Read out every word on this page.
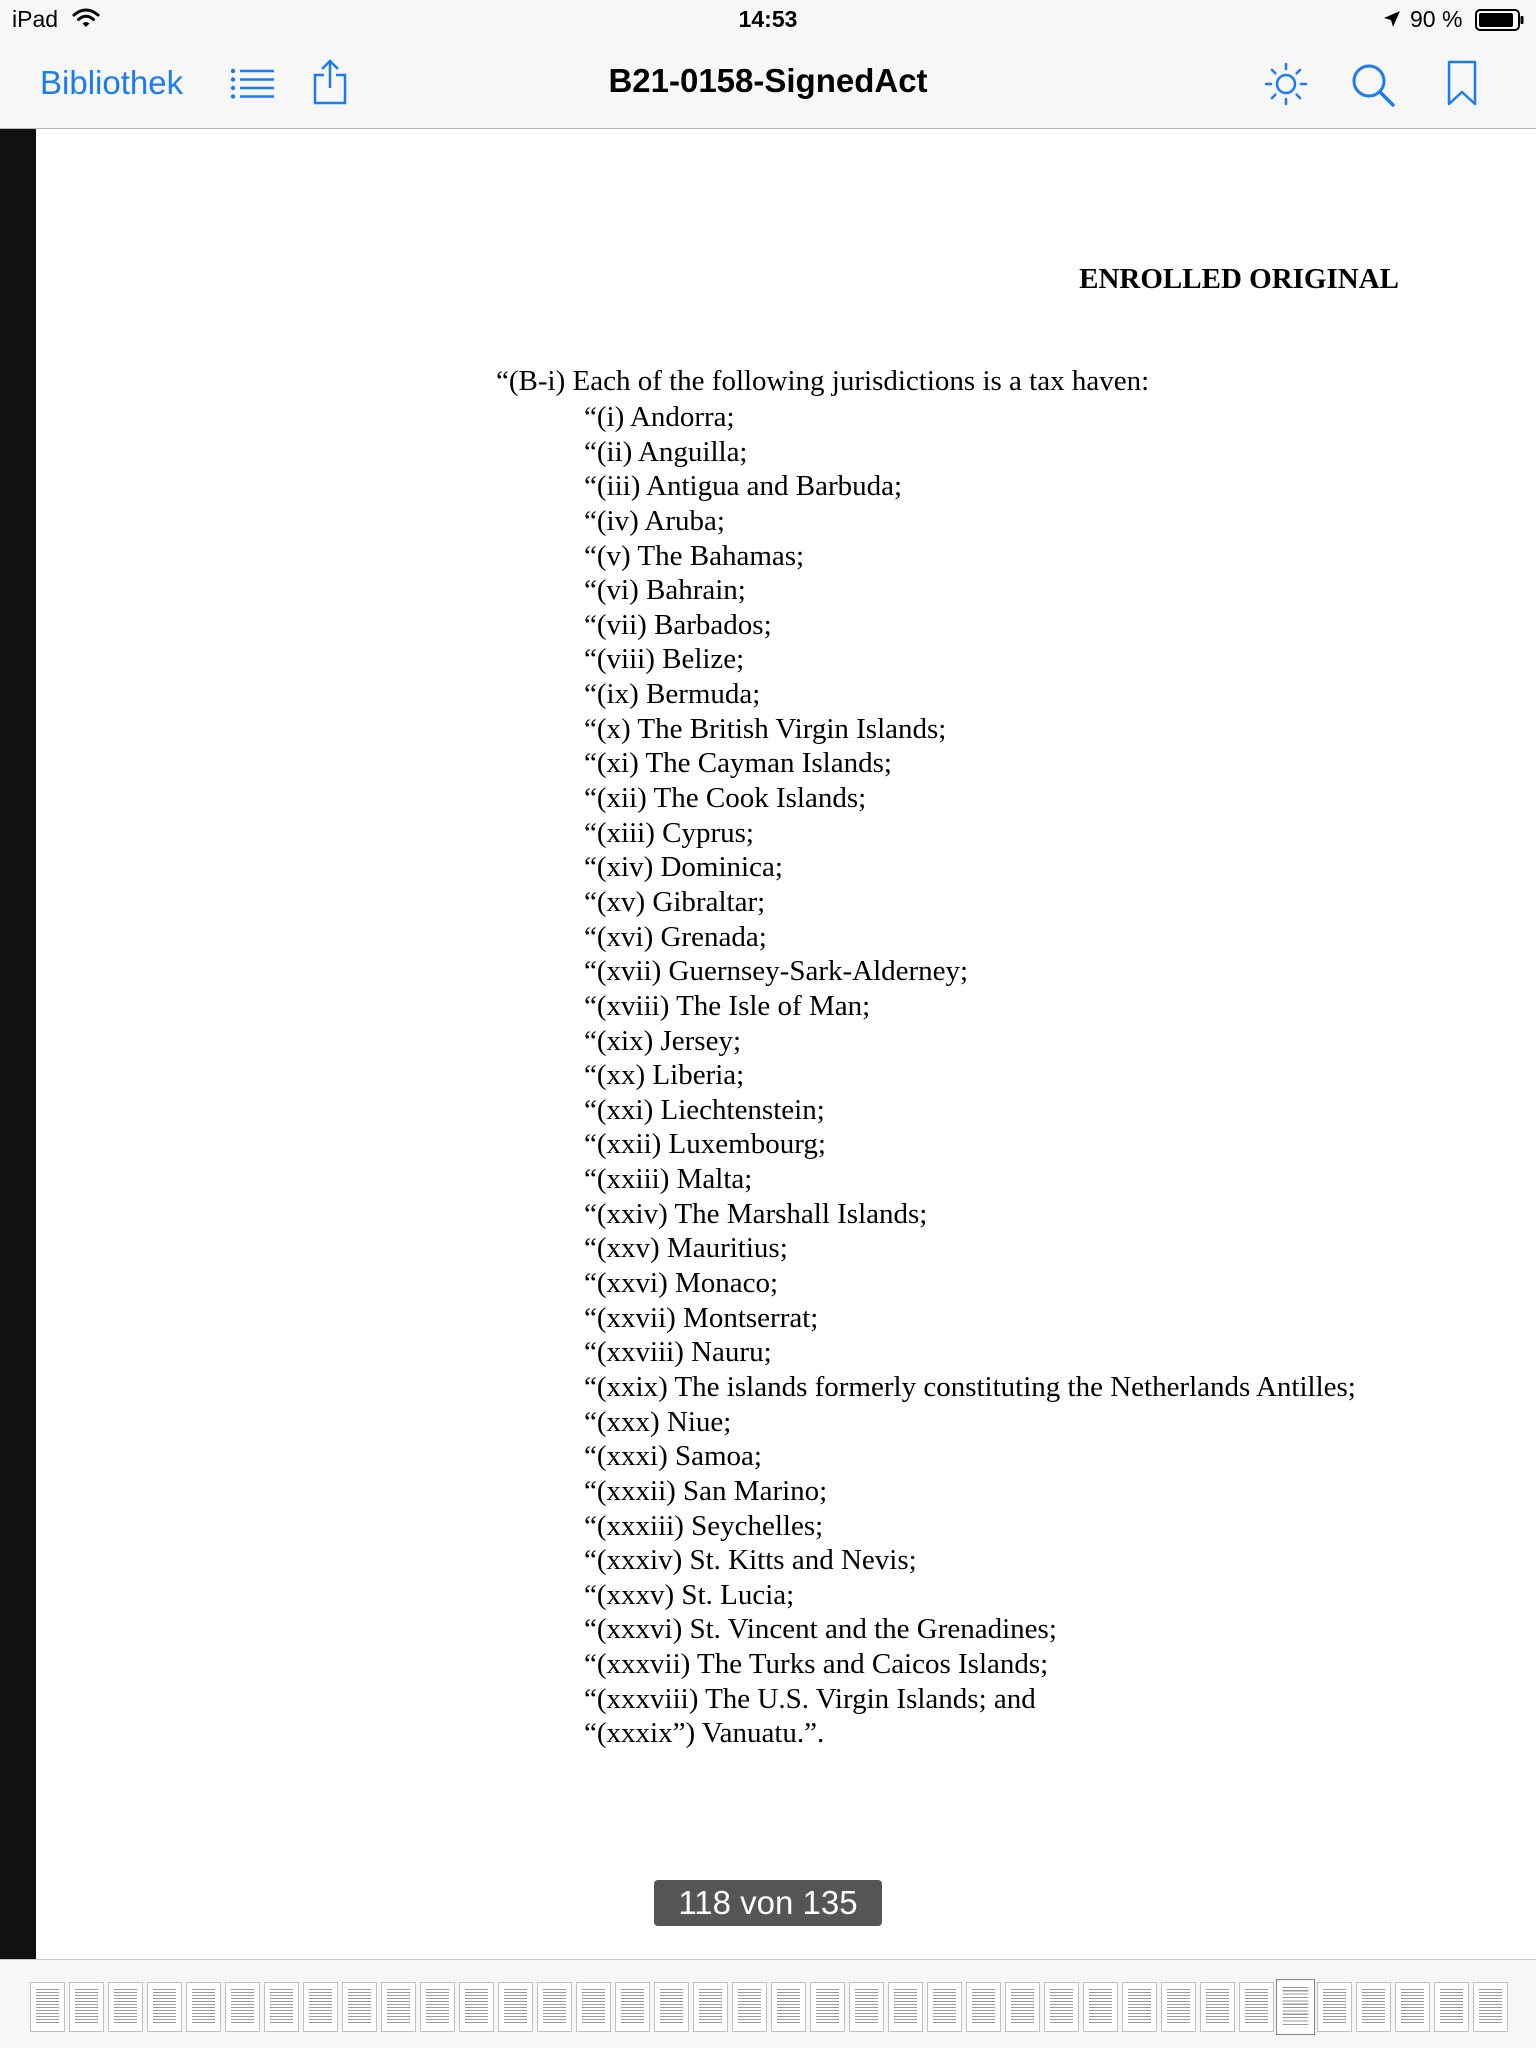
iPad	14:53	90 %
Bibliothek	B21-0158-SignedAct
ENROLLED ORIGINAL
“(B-i) Each of the following jurisdictions is a tax haven:
“(i) Andorra;
“(ii) Anguilla;
“(iii) Antigua and Barbuda;
“(iv) Aruba;
“(v) The Bahamas;
“(vi) Bahrain;
“(vii) Barbados;
“(viii) Belize;
“(ix) Bermuda;
“(x) The British Virgin Islands;
“(xi) The Cayman Islands;
“(xii) The Cook Islands;
“(xiii) Cyprus;
“(xiv) Dominica;
“(xv) Gibraltar;
“(xvi) Grenada;
“(xvii) Guernsey-Sark-Alderney;
“(xviii) The Isle of Man;
“(xix) Jersey;
“(xx) Liberia;
“(xxi) Liechtenstein;
“(xxii) Luxembourg;
“(xxiii) Malta;
“(xxiv) The Marshall Islands;
“(xxv) Mauritius;
“(xxvi) Monaco;
“(xxvii) Montserrat;
“(xxviii) Nauru;
“(xxix) The islands formerly constituting the Netherlands Antilles;
“(xxx) Niue;
“(xxxi) Samoa;
“(xxxii) San Marino;
“(xxxiii) Seychelles;
“(xxxiv) St. Kitts and Nevis;
“(xxxv) St. Lucia;
“(xxxvi) St. Vincent and the Grenadines;
“(xxxvii) The Turks and Caicos Islands;
“(xxxviii) The U.S. Virgin Islands; and
“(xxxix”) Vanuatu.”.
118 von 135
